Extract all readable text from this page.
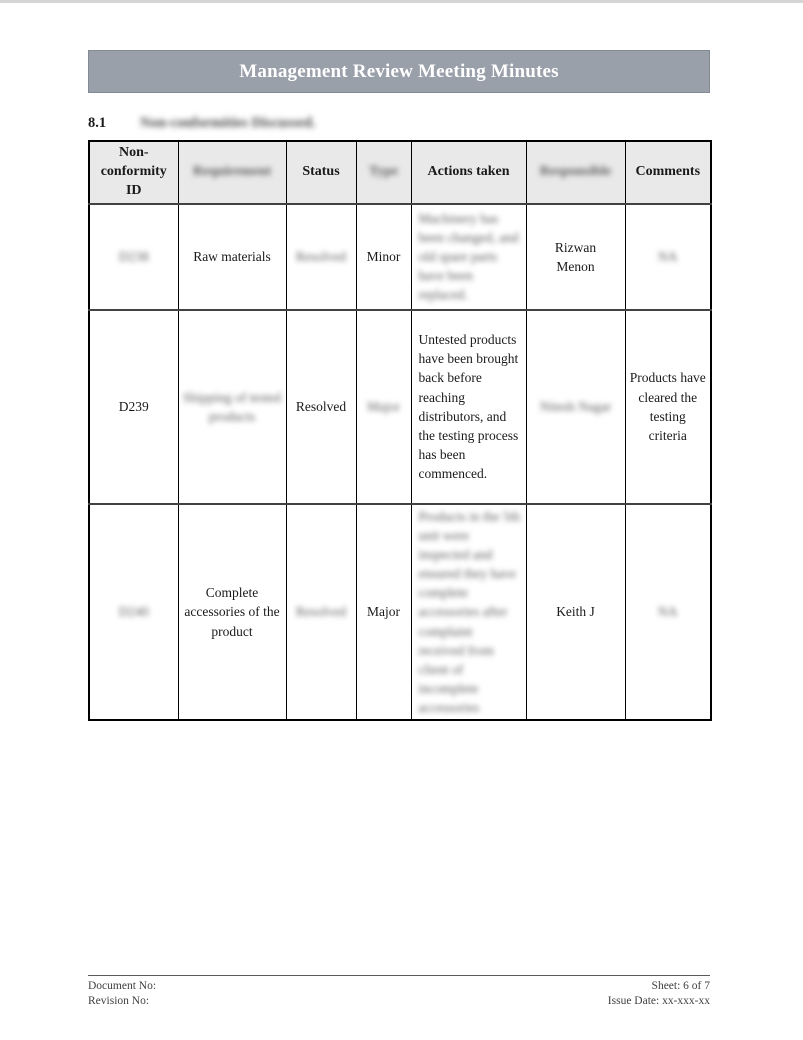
Management Review Meeting Minutes
8.1	Non-conformities Discussed.
Non-conformity ID	Requirement	Status	Type	Actions taken	Responsible	Comments
D238	Raw materials	Resolved	Minor	Machinery has been changed, and old spare parts have been replaced.	Rizwan Menon	NA
D239	Shipping of tested products	Resolved	Major	Untested products have been brought back before reaching distributors, and the testing process has been commenced.	Nitesh Nagar	Products have cleared the testing criteria
D240	Complete accessories of the product	Resolved	Major	Products in the 5th unit were inspected and ensured they have complete accessories after complaint received from client of incomplete accessories	Keith J	NA
Document No:
Revision No:
Sheet: 6 of 7
Issue Date: xx-xxx-xx
